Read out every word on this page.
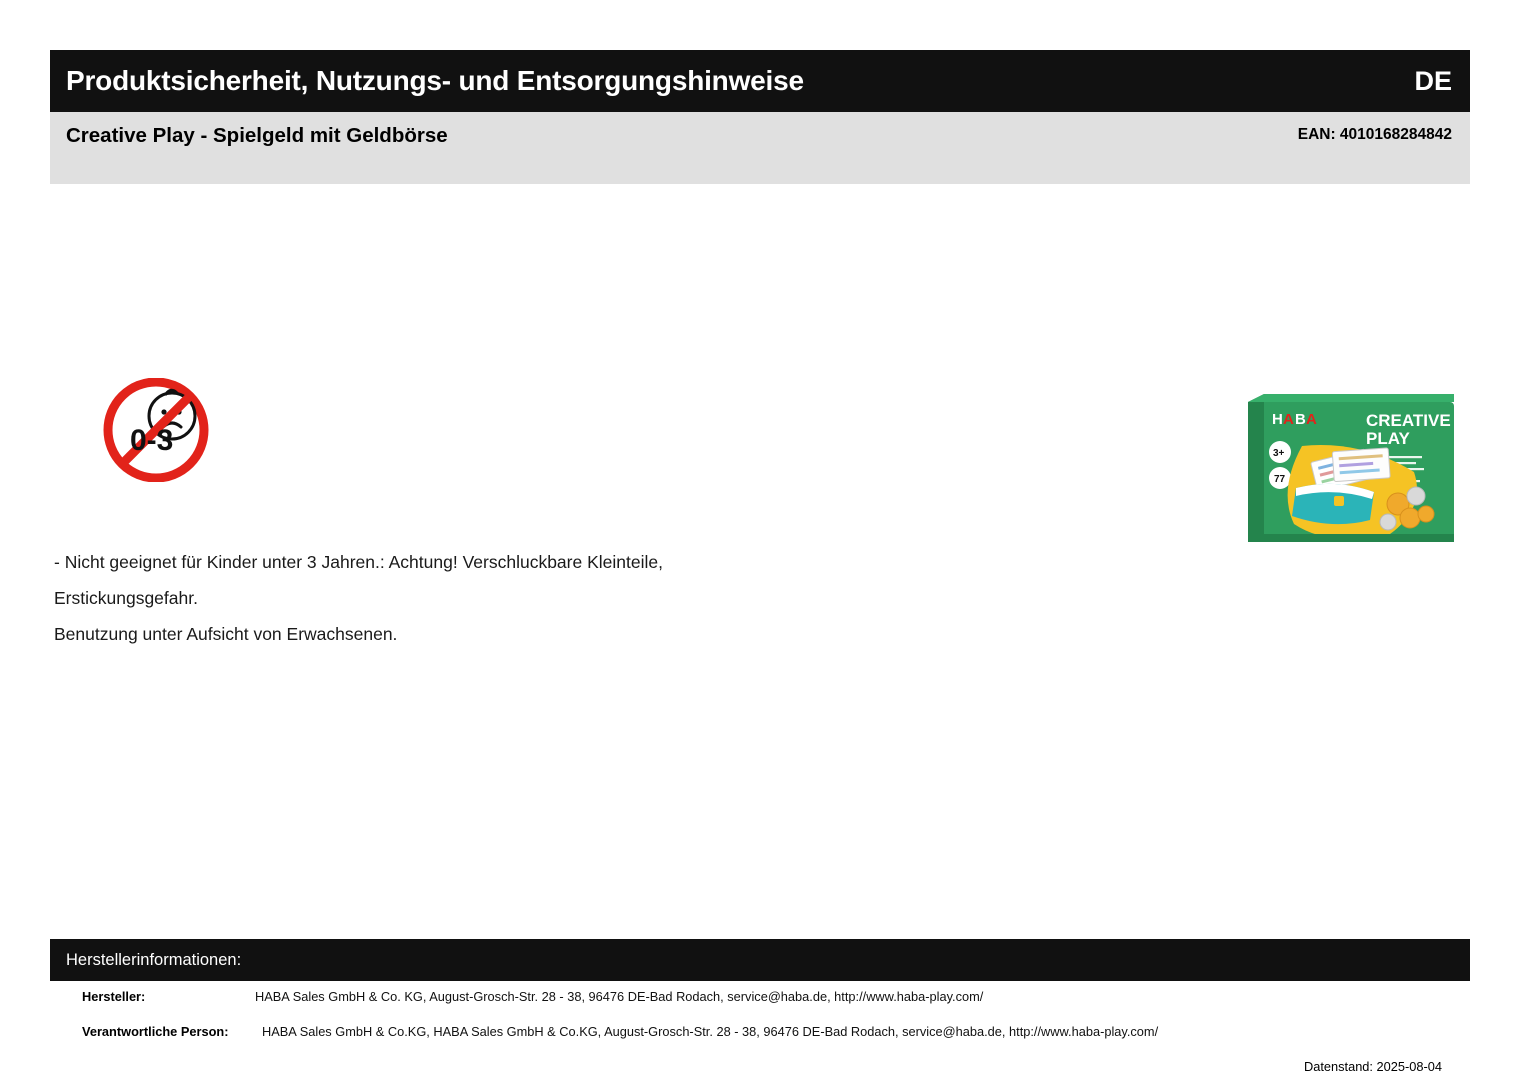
Produktsicherheit, Nutzungs- und Entsorgungshinweise	DE
Creative Play - Spielgeld mit Geldbörse	EAN: 4010168284842
0-3
H A B A	CREATIVE
PLAY
3+
77
- Nicht geeignet für Kinder unter 3 Jahren.: Achtung! Verschluckbare Kleinteile,
Erstickungsgefahr.
Benutzung unter Aufsicht von Erwachsenen.
Herstellerinformationen:
Hersteller:	HABA Sales GmbH & Co. KG, August-Grosch-Str. 28 - 38, 96476 DE-Bad Rodach, service@haba.de, http://www.haba-play.com/
Verantwortliche Person:	HABA Sales GmbH & Co.KG, HABA Sales GmbH & Co.KG, August-Grosch-Str. 28 - 38, 96476 DE-Bad Rodach, service@haba.de, http://www.haba-play.com/
Datenstand: 2025-08-04
